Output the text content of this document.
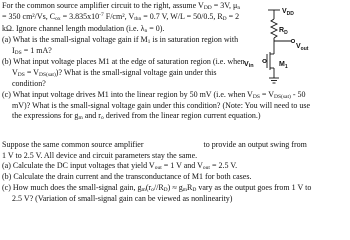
For the common source amplifier circuit to the right, assume $V_{DD} = 3V$, $\mu_n$
= 350 cm²/Vs, $C_{ox} = 3.835x10^{-7}$ F/cm², $V_{thn} = 0.7$ V, W/L = 50/0.5, $R_D = 2$
kΩ. Ignore channel length modulation (i.e. $\lambda_n = 0$).
(a) What is the small-signal voltage gain if $M_1$ is in saturation region with
$I_{DS} = 1$ mA?
(b) What input voltage places M1 at the edge of saturation region (i.e. when
$V_{DS} = V_{DS(sat)}$)? What is the small-signal voltage gain under this
condition?
(c) What input voltage drives M1 into the linear region by 50 mV (i.e. when $V_{DS} = V_{DS(sat)} - 50$
mV)? What is the small-signal voltage gain under this condition? (Note: You will need to use
the expressions for $g_m$ and $r_o$ derived from the linear region current equation.)
$V_{DD}$
$R_D$
$V_{out}$
$M_1$
$V_{in}$
Suppose the same common source amplifier	to provide an output swing from
1 V to 2.5 V. All device and circuit parameters stay the same.
(a) Calculate the DC input voltages that yield $V_{out} = 1$ V and $V_{out} = 2.5$ V.
(b) Calculate the drain current and the transconductance of M1 for both cases.
(c) How much does the small-signal gain, $g_m(r_o//R_D) \approx g_mR_D$ vary as the output goes from 1 V to
2.5 V? (Variation of small-signal gain can be viewed as nonlinearity)
